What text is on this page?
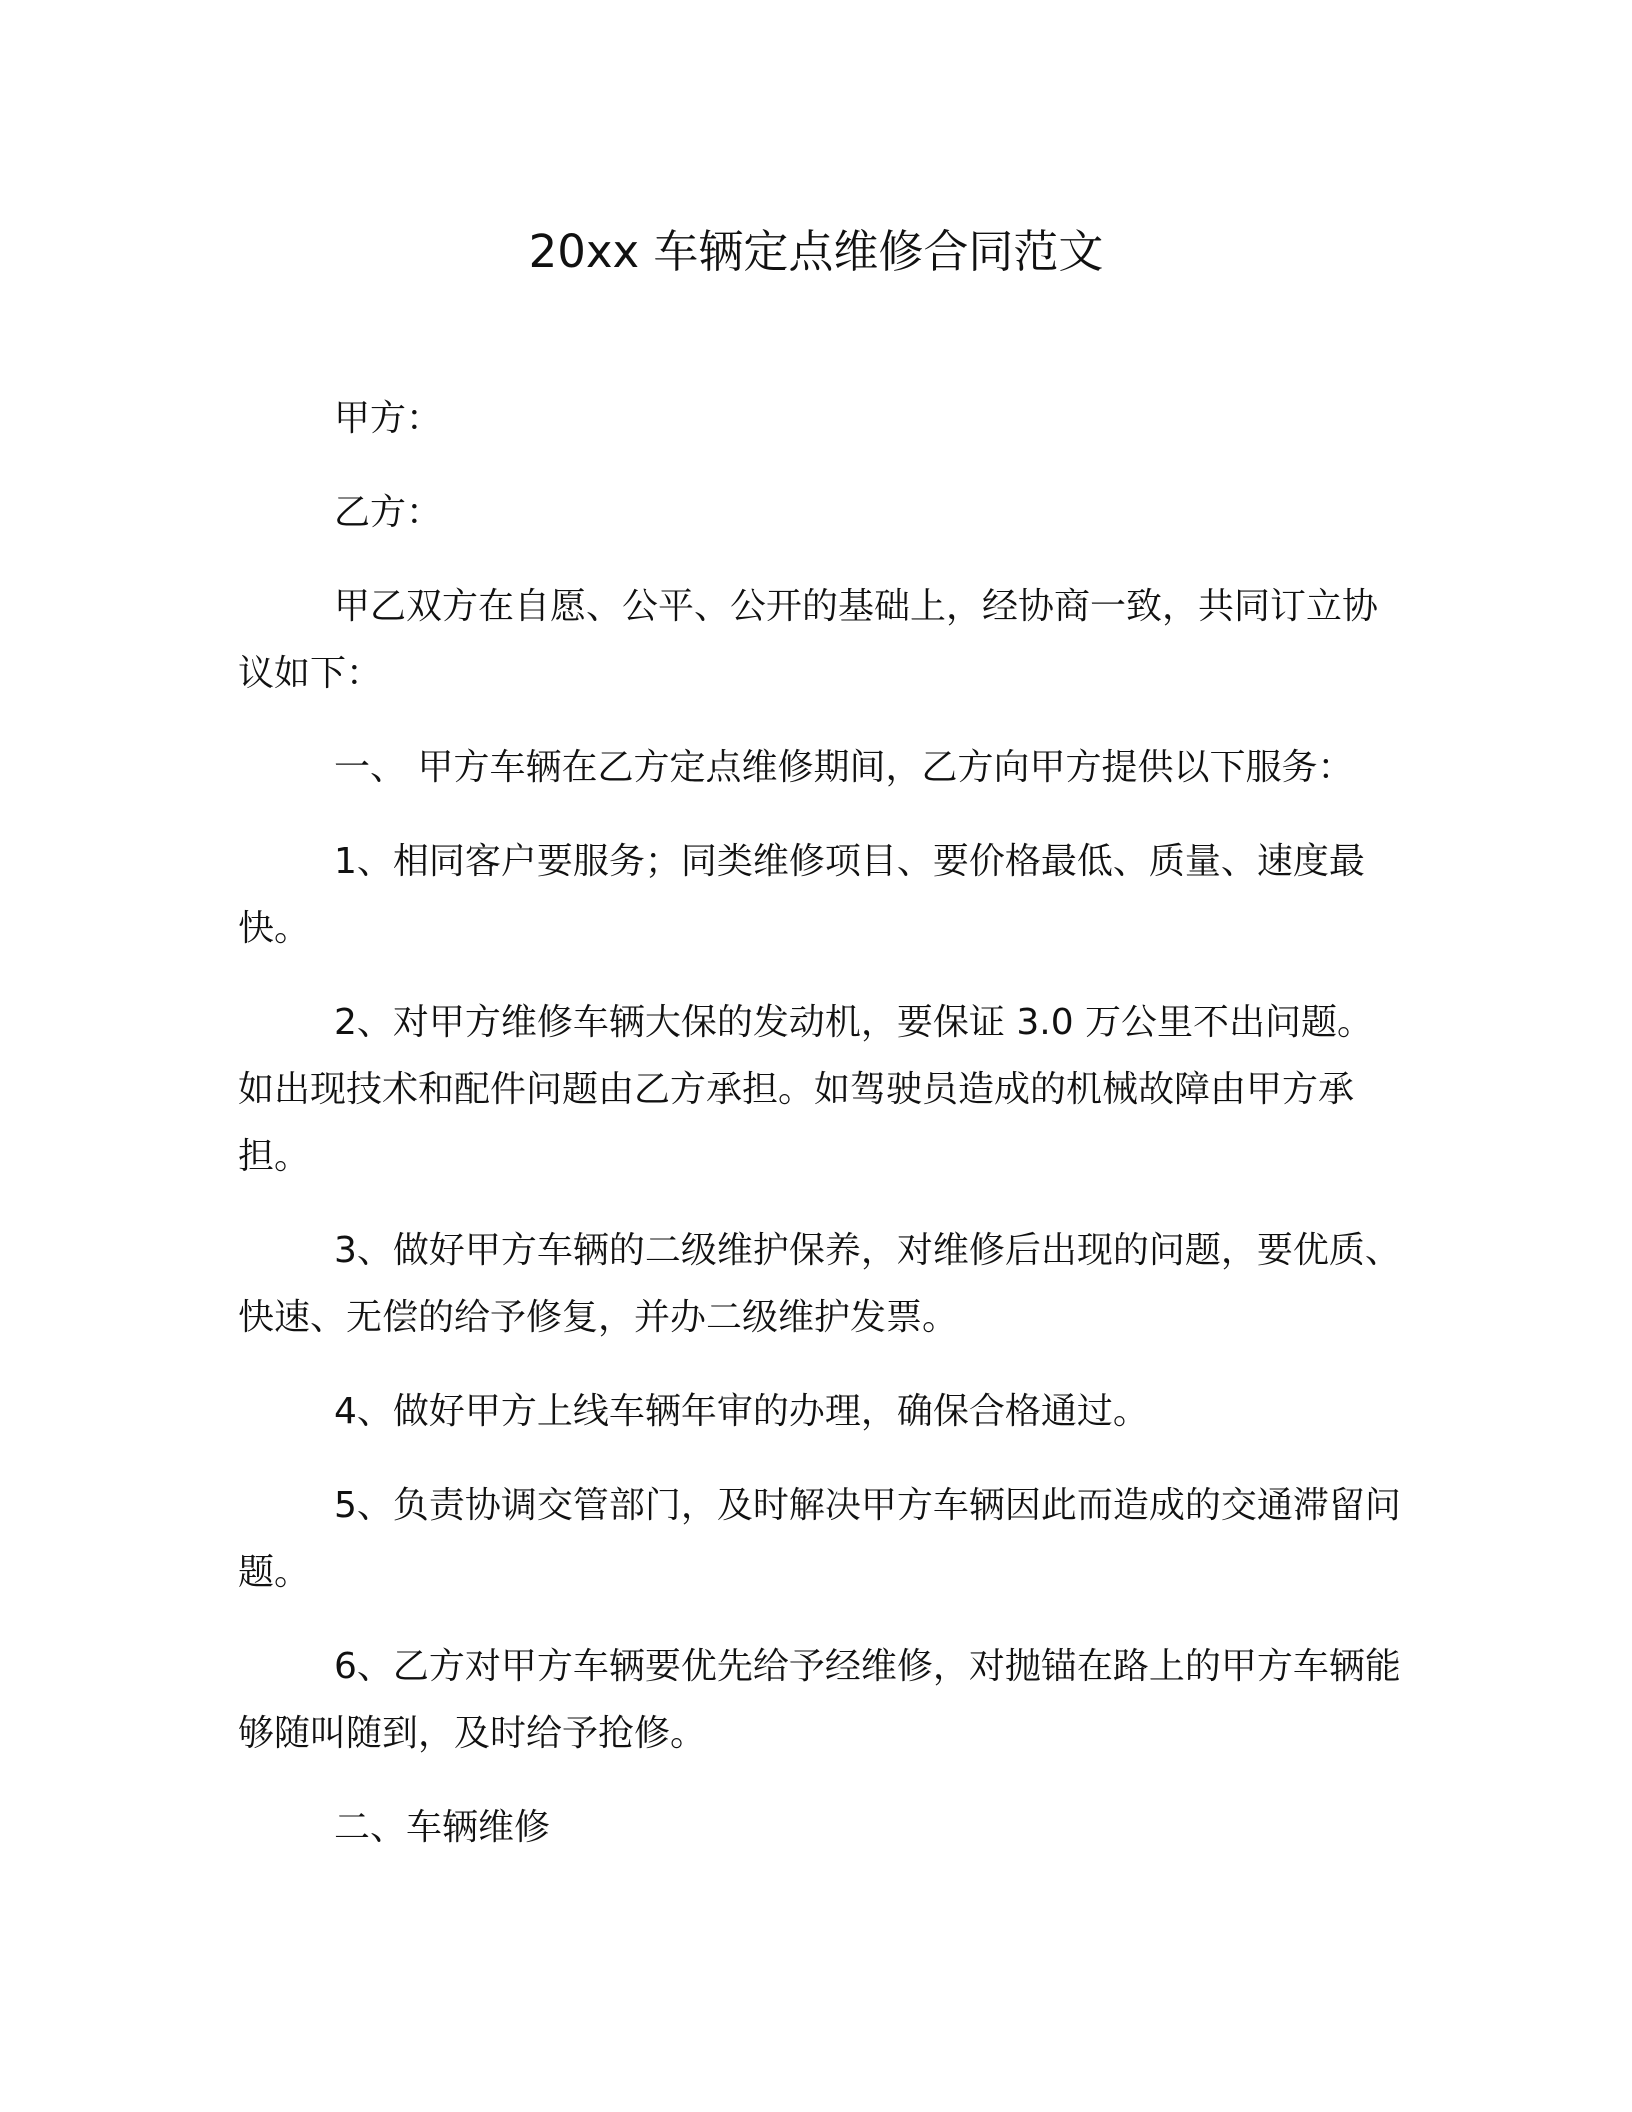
20xx 车辆定点维修合同范文

甲方：

乙方：

甲乙双方在自愿、公平、公开的基础上，经协商一致，共同订立协议如下：

一、 甲方车辆在乙方定点维修期间，乙方向甲方提供以下服务：

1、相同客户要服务；同类维修项目、要价格最低、质量、速度最快。

2、对甲方维修车辆大保的发动机，要保证 3.0 万公里不出问题。如出现技术和配件问题由乙方承担。如驾驶员造成的机械故障由甲方承担。

3、做好甲方车辆的二级维护保养，对维修后出现的问题，要优质、快速、无偿的给予修复，并办二级维护发票。

4、做好甲方上线车辆年审的办理，确保合格通过。

5、负责协调交管部门，及时解决甲方车辆因此而造成的交通滞留问题。

6、乙方对甲方车辆要优先给予经维修，对抛锚在路上的甲方车辆能够随叫随到，及时给予抢修。

二、车辆维修
